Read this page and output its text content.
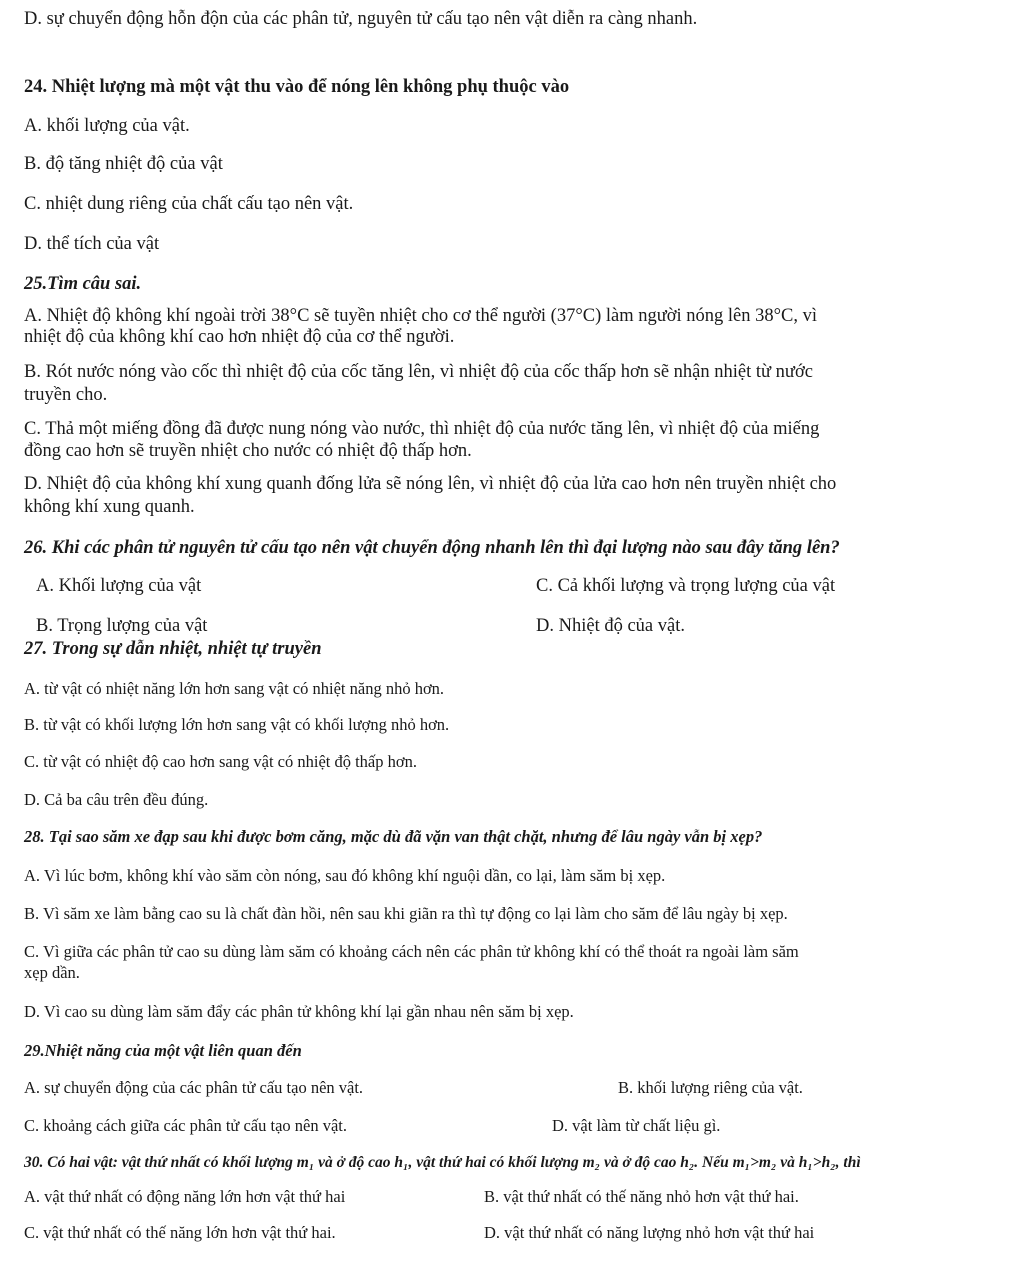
D. sự chuyển động hỗn độn của các phân tử, nguyên tử cấu tạo nên vật diễn ra càng nhanh.
24. Nhiệt lượng mà một vật thu vào để nóng lên không phụ thuộc vào
A. khối lượng của vật.
B. độ tăng nhiệt độ của vật
C. nhiệt dung riêng của chất cấu tạo nên vật.
D. thể tích của vật
25.Tìm câu sai.
A. Nhiệt độ không khí ngoài trời 38°C sẽ tuyền nhiệt cho cơ thể người (37°C) làm người nóng lên 38°C, vì
nhiệt độ của không khí cao hơn nhiệt độ của cơ thể người.
B. Rót nước nóng vào cốc thì nhiệt độ của cốc tăng lên, vì nhiệt độ của cốc thấp hơn sẽ nhận nhiệt từ nước
truyền cho.
C. Thả một miếng đồng đã được nung nóng vào nước, thì nhiệt độ của nước tăng lên, vì nhiệt độ của miếng
đồng cao hơn sẽ truyền nhiệt cho nước có nhiệt độ thấp hơn.
D. Nhiệt độ của không khí xung quanh đống lửa sẽ nóng lên, vì nhiệt độ của lửa cao hơn nên truyền nhiệt cho
không khí xung quanh.
26. Khi các phân tử nguyên tử cấu tạo nên vật chuyển động nhanh lên thì đại lượng nào sau đây tăng lên?
A. Khối lượng của vật	C. Cả khối lượng và trọng lượng của vật
B. Trọng lượng của vật	D. Nhiệt độ của vật.
27. Trong sự dẫn nhiệt, nhiệt tự truyền
A. từ vật có nhiệt năng lớn hơn sang vật có nhiệt năng nhỏ hơn.
B. từ vật có khối lượng lớn hơn sang vật có khối lượng nhỏ hơn.
C. từ vật có nhiệt độ cao hơn sang vật có nhiệt độ thấp hơn.
D. Cả ba câu trên đều đúng.
28. Tại sao săm xe đạp sau khi được bơm căng, mặc dù đã vặn van thật chặt, nhưng để lâu ngày vẫn bị xẹp?
A. Vì lúc bơm, không khí vào săm còn nóng, sau đó không khí nguội dần, co lại, làm săm bị xẹp.
B. Vì săm xe làm bằng cao su là chất đàn hồi, nên sau khi giãn ra thì tự động co lại làm cho săm để lâu ngày bị xẹp.
C. Vì giữa các phân tử cao su dùng làm săm có khoảng cách nên các phân tử không khí có thể thoát ra ngoài làm săm
xẹp dần.
D. Vì cao su dùng làm săm đẩy các phân tử không khí lại gần nhau nên săm bị xẹp.
29.Nhiệt năng của một vật liên quan đến
A. sự chuyển động của các phân tử cấu tạo nên vật.	B. khối lượng riêng của vật.
C. khoảng cách giữa các phân tử cấu tạo nên vật.	D. vật làm từ chất liệu gì.
30. Có hai vật: vật thứ nhất có khối lượng m₁ và ở độ cao h₁, vật thứ hai có khối lượng m₂ và ở độ cao h₂. Nếu m₁>m₂ và h₁>h₂, thì
A. vật thứ nhất có động năng lớn hơn vật thứ hai	B. vật thứ nhất có thế năng nhỏ hơn vật thứ hai.
C. vật thứ nhất có thế năng lớn hơn vật thứ hai.	D. vật thứ nhất có năng lượng nhỏ hơn vật thứ hai
